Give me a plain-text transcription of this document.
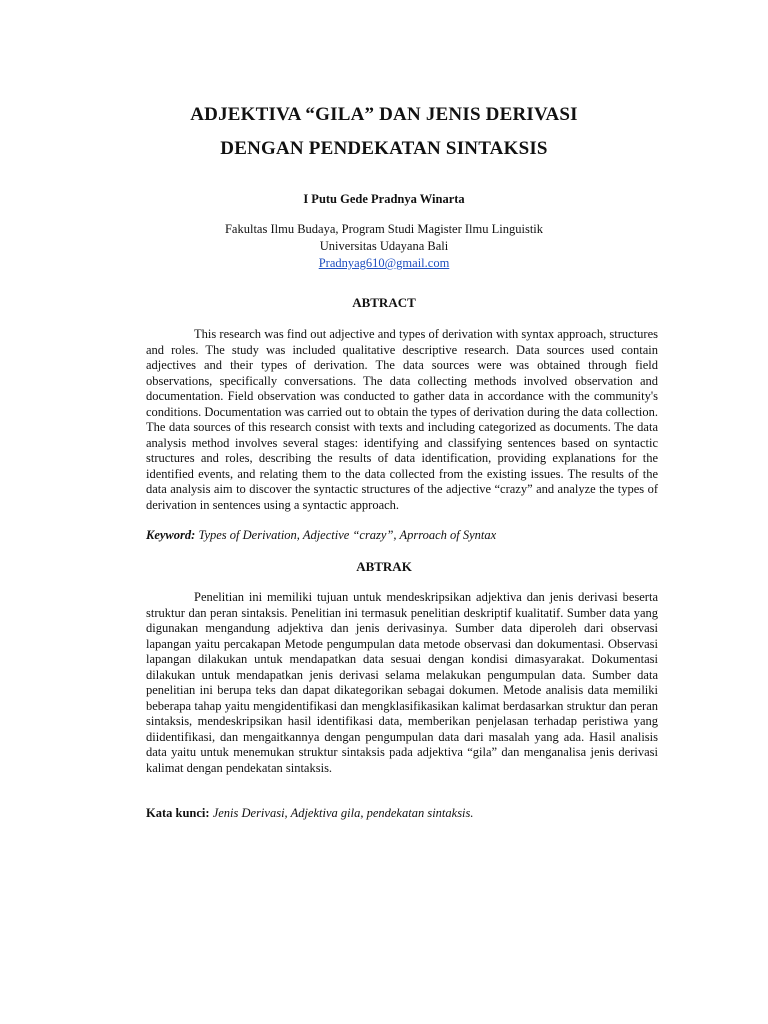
ADJEKTIVA “GILA” DAN JENIS DERIVASI
DENGAN PENDEKATAN SINTAKSIS
I Putu Gede Pradnya Winarta
Fakultas Ilmu Budaya, Program Studi Magister Ilmu Linguistik
Universitas Udayana Bali
Pradnyag610@gmail.com
ABTRACT

This research was find out adjective and types of derivation with syntax approach, structures and roles. The study was included qualitative descriptive research. Data sources used contain adjectives and their types of derivation. The data sources were was obtained through field observations, specifically conversations. The data collecting methods involved observation and documentation. Field observation was conducted to gather data in accordance with the community's conditions. Documentation was carried out to obtain the types of derivation during the data collection. The data sources of this research consist with texts and including categorized as documents. The data analysis method involves several stages: identifying and classifying sentences based on syntactic structures and roles, describing the results of data identification, providing explanations for the identified events, and relating them to the data collected from the existing issues. The results of the data analysis aim to discover the syntactic structures of the adjective “crazy” and analyze the types of derivation in sentences using a syntactic approach.

Keyword: Types of Derivation, Adjective “crazy”, Aprroach of Syntax

ABTRAK

Penelitian ini memiliki tujuan untuk mendeskripsikan adjektiva dan jenis derivasi beserta struktur dan peran sintaksis. Penelitian ini termasuk penelitian deskriptif kualitatif. Sumber data yang digunakan mengandung adjektiva dan jenis derivasinya. Sumber data diperoleh dari observasi lapangan yaitu percakapan Metode pengumpulan data metode observasi dan dokumentasi. Observasi lapangan dilakukan untuk mendapatkan data sesuai dengan kondisi dimasyarakat. Dokumentasi dilakukan untuk mendapatkan jenis derivasi selama melakukan pengumpulan data. Sumber data penelitian ini berupa teks dan dapat dikategorikan sebagai dokumen. Metode analisis data memiliki beberapa tahap yaitu mengidentifikasi dan mengklasifikasikan kalimat berdasarkan struktur dan peran sintaksis, mendeskripsikan hasil identifikasi data, memberikan penjelasan terhadap peristiwa yang diidentifikasi, dan mengaitkannya dengan pengumpulan data dari masalah yang ada. Hasil analisis data yaitu untuk menemukan struktur sintaksis pada adjektiva “gila” dan menganalisa jenis derivasi kalimat dengan pendekatan sintaksis.

Kata kunci: Jenis Derivasi, Adjektiva gila, pendekatan sintaksis.
